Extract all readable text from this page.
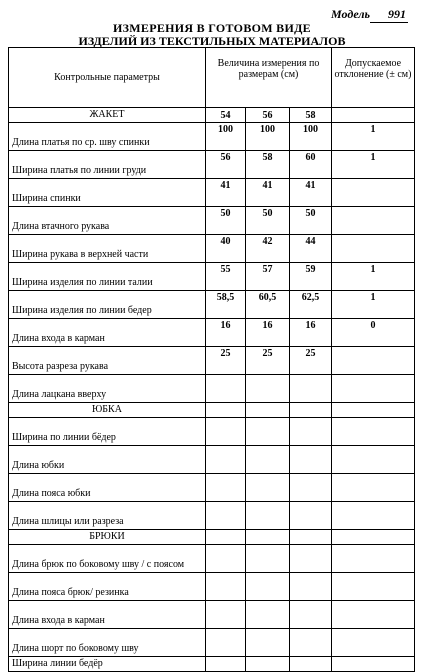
Модель 991
ИЗМЕРЕНИЯ В ГОТОВОМ ВИДЕ
ИЗДЕЛИЙ ИЗ ТЕКСТИЛЬНЫХ МАТЕРИАЛОВ
Контрольные параметры	Величина измерения по размерам (см)			Допускаемое отклонение (± см)
ЖАКЕТ	54	56	58	
Длина платья по ср. шву спинки	100	100	100	1
Ширина платья по линии груди	56	58	60	1
Ширина спинки	41	41	41	
Длина втачного рукава	50	50	50	
Ширина рукава в верхней части	40	42	44	
Ширина изделия по линии талии	55	57	59	1
Ширина изделия по линии бедер	58,5	60,5	62,5	1
Длина входа в карман	16	16	16	0
Высота разреза рукава	25	25	25	
Длина лацкана вверху				
ЮБКА				
Ширина по линии бёдер				
Длина юбки				
Длина пояса юбки				
Длина шлицы или разреза				
БРЮКИ				
Длина брюк по боковому шву / с поясом				
Длина пояса брюк/ резинка				
Длина входа в карман				
Длина шорт по боковому шву				
Ширина линии бедёр				
